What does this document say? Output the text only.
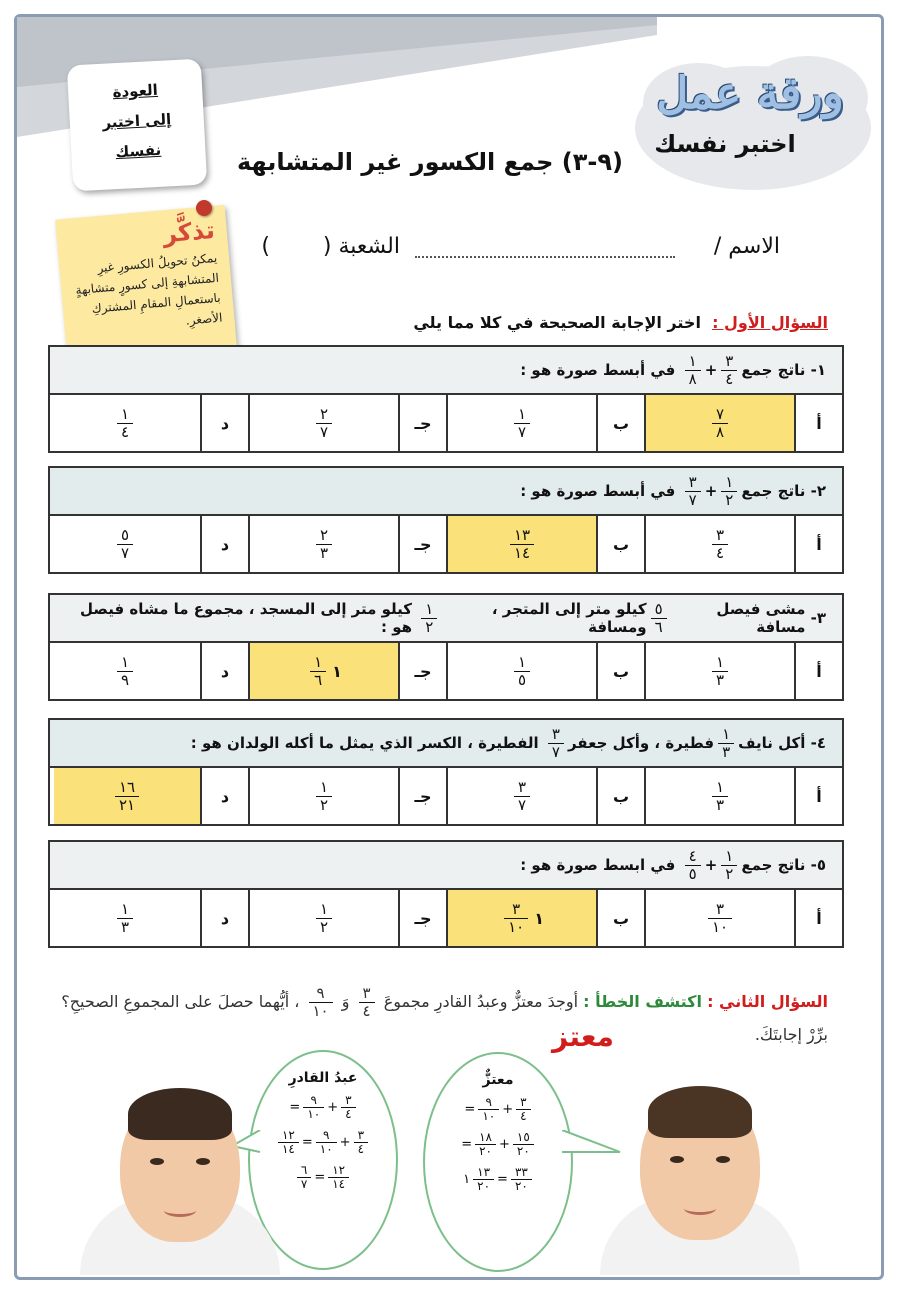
ورقة عمل
اختبر نفسك
العودة
إلى اختبر
نفسك	(٩-٣) جمع الكسور غير المتشابهة
تذكَّر
يمكنُ تحويلُ الكسورِ غيرِ المتشابهةِ إلى كسورٍ متشابهةٍ باستعمالِ المقامِ المشتركِ الأصغرِ.
الاسم /
الشعبة (
)
السؤال الأول :  اختر الإجابة الصحيحة في كلا مما يلي
١-

ناتج جمع
$\frac{٣}{٤}$
+
$\frac{١}{٨}$

في أبسط صورة هو :
أ
$\frac{٧}{٨}$
ب
$\frac{١}{٧}$
جـ
$\frac{٢}{٧}$
د
$\frac{١}{٤}$
٢-

ناتج جمع
$\frac{١}{٢}$
+
$\frac{٣}{٧}$

في أبسط صورة هو :
أ
$\frac{٣}{٤}$
ب
$\frac{١٣}{١٤}$
جـ
$\frac{٢}{٣}$
د
$\frac{٥}{٧}$
٣-

مشى فيصل مسافة
$\frac{٥}{٦}$
كيلو متر إلى المتجر ، ومسافة
$\frac{١}{٢}$

كيلو متر إلى المسجد ، مجموع ما مشاه فيصل هو :
أ
$\frac{١}{٣}$
ب
$\frac{١}{٥}$
جـ
١
$\frac{١}{٦}$
د
$\frac{١}{٩}$
٤-

أكل نايف
$\frac{١}{٣}$
فطيرة ، وأكل جعفر
$\frac{٣}{٧}$

الفطيرة ، الكسر الذي يمثل ما أكله الولدان هو :
أ
$\frac{١}{٣}$
ب
$\frac{٣}{٧}$
جـ
$\frac{١}{٢}$
د
$\frac{١٦}{٢١}$
٥-

ناتج جمع
$\frac{١}{٢}$
+
$\frac{٤}{٥}$

في ابسط صورة هو :
أ
$\frac{٣}{١٠}$
ب
١
$\frac{٣}{١٠}$
جـ
$\frac{١}{٢}$
د
$\frac{١}{٣}$
السؤال الثاني : اكتشف الخطأ : أوجدَ معتزٌّ وعبدُ القادرِ مجموعَ
$\frac{٣}{٤}$
وَ
$\frac{٩}{١٠}$
، أيُّهما حصلَ على المجموعِ الصحيحِ؟
برِّرْ إجابتَكَ.
معتز
معتزٌّ
= $\frac{٩}{١٠} + \frac{٣}{٤}$
= $\frac{١٨}{٢٠} + \frac{١٥}{٢٠}$
١ $\frac{١٣}{٢٠} = \frac{٣٣}{٢٠}$
عبدُ القادرِ
= $\frac{٩}{١٠} + \frac{٣}{٤}$
$\frac{١٢}{١٤} = \frac{٩}{١٠} + \frac{٣}{٤}$
$\frac{٦}{٧} = \frac{١٢}{١٤}$
